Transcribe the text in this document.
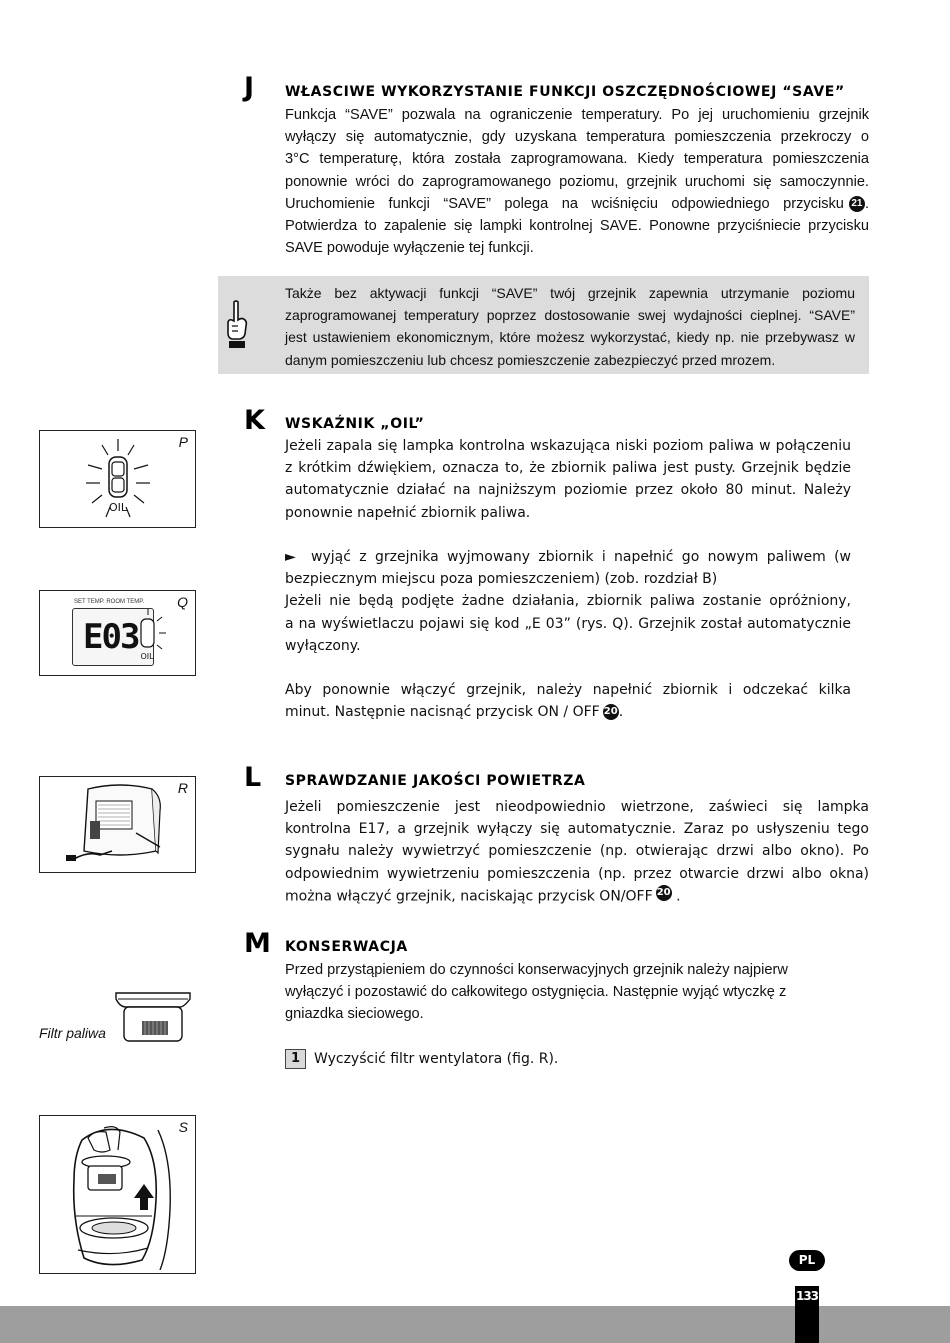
J WŁASCIWE WYKORZYSTANIE FUNKCJI OSZCZĘDNOŚCIOWEJ “SAVE”
Funkcja “SAVE” pozwala na ograniczenie temperatury. Po jej uruchomieniu grzejnik
wyłączy się automatycznie, gdy uzyskana temperatura pomieszczenia przekroczy o
3°C temperaturę, która została zaprogramowana. Kiedy temperatura pomieszczenia
ponownie wróci do zaprogramowanego poziomu, grzejnik uruchomi się samoczynnie.
Uruchomienie funkcji “SAVE” polega na wciśnięciu odpowiedniego przycisku 21 .
Potwierdza to zapalenie się lampki kontrolnej SAVE. Ponowne przyciśniecie przycisku
SAVE powoduje wyłączenie tej funkcji.
Także bez aktywacji funkcji “SAVE” twój grzejnik zapewnia utrzymanie poziomu
zaprogramowanej temperatury poprzez dostosowanie swej wydajności cieplnej. “SAVE”
jest ustawieniem ekonomicznym, które możesz wykorzystać, kiedy np. nie przebywasz w
danym pomieszczeniu lub chcesz pomieszczenie zabezpieczyć przed mrozem.
K WSKAŹNIK „OIL”
Jeżeli zapala się lampka kontrolna wskazująca niski poziom paliwa w połączeniu
z krótkim dźwiękiem, oznacza to, że zbiornik paliwa jest pusty. Grzejnik będzie
automatycznie działać na najniższym poziomie przez około 80 minut. Należy
ponownie napełnić zbiornik paliwa.

►	wyjąć z grzejnika wyjmowany zbiornik i napełnić go nowym paliwem (w
bezpiecznym miejscu poza pomieszczeniem) (zob. rozdział B)
Jeżeli nie będą podjęte żadne działania, zbiornik paliwa zostanie opróżniony,
a na wyświetlaczu pojawi się kod „E 03” (rys. Q). Grzejnik został automatycznie
wyłączony.

Aby ponownie włączyć grzejnik, należy napełnić zbiornik i odczekać kilka
minut. Następnie nacisnąć przycisk ON / OFF 20.
L SPRAWDZANIE JAKOŚCI POWIETRZA
Jeżeli pomieszczenie jest nieodpowiednio wietrzone, zaświeci się lampka
kontrolna E17, a grzejnik wyłączy się automatycznie. Zaraz po usłyszeniu tego
sygnału należy wywietrzyć pomieszczenie (np. otwierając drzwi albo okno). Po
odpowiednim wywietrzeniu pomieszczenia (np. przez otwarcie drzwi albo okna)
można włączyć grzejnik, naciskając przycisk ON/OFF 20 .
M KONSERWACJA
Przed przystąpieniem do czynności konserwacyjnych grzejnik należy najpierw
wyłączyć i pozostawić do całkowitego ostygnięcia. Następnie wyjąć wtyczkę z
gniazdka sieciowego.
1 Wyczyścić filtr wentylatora (fig. R).
P
OIL
Q
SET TEMP. ROOM TEMP.
E03 OIL
R
Filtr paliwa
S
PL
133
